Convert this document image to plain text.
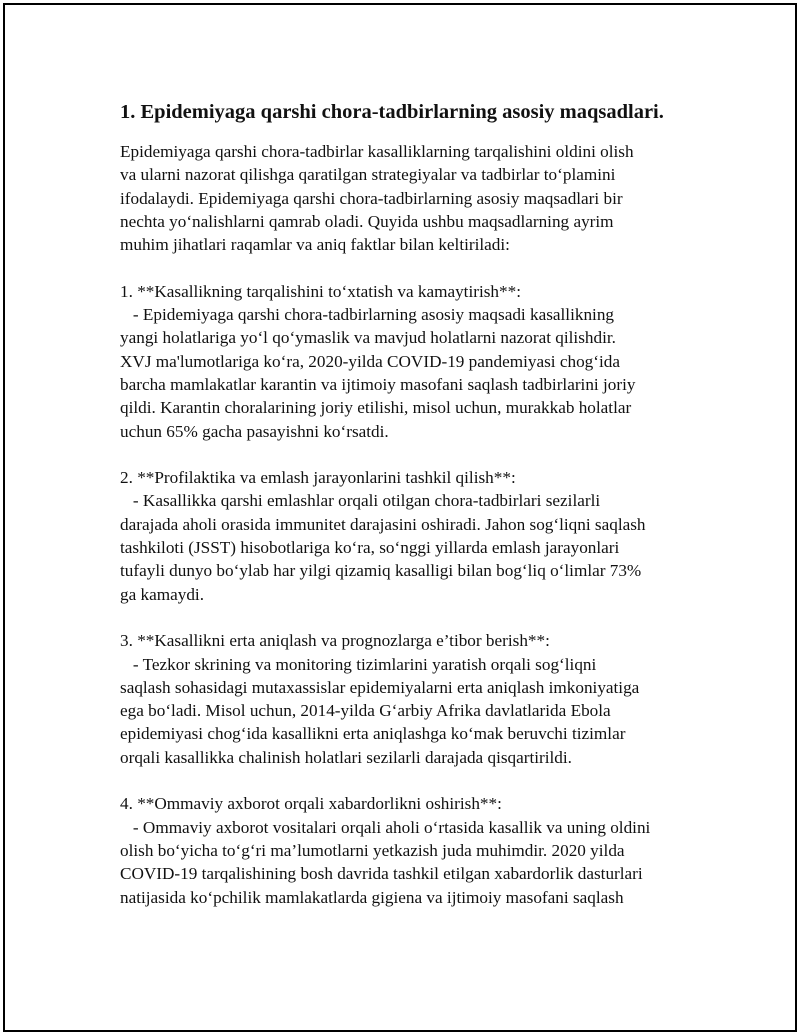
1. Epidemiyaga qarshi chora-tadbirlarning asosiy maqsadlari.

Epidemiyaga qarshi chora-tadbirlar kasalliklarning tarqalishini oldini olish
va ularni nazorat qilishga qaratilgan strategiyalar va tadbirlar to‘plamini
ifodalaydi. Epidemiyaga qarshi chora-tadbirlarning asosiy maqsadlari bir
nechta yo‘nalishlarni qamrab oladi. Quyida ushbu maqsadlarning ayrim
muhim jihatlari raqamlar va aniq faktlar bilan keltiriladi:

1. **Kasallikning tarqalishini to‘xtatish va kamaytirish**:

- Epidemiyaga qarshi chora-tadbirlarning asosiy maqsadi kasallikning
yangi holatlariga yo‘l qo‘ymaslik va mavjud holatlarni nazorat qilishdir.
XVJ ma'lumotlariga ko‘ra, 2020-yilda COVID-19 pandemiyasi chog‘ida
barcha mamlakatlar karantin va ijtimoiy masofani saqlash tadbirlarini joriy
qildi. Karantin choralarining joriy etilishi, misol uchun, murakkab holatlar
uchun 65% gacha pasayishni ko‘rsatdi.

2. **Profilaktika va emlash jarayonlarini tashkil qilish**:

- Kasallikka qarshi emlashlar orqali otilgan chora-tadbirlari sezilarli
darajada aholi orasida immunitet darajasini oshiradi. Jahon sog‘liqni saqlash
tashkiloti (JSST) hisobotlariga ko‘ra, so‘nggi yillarda emlash jarayonlari
tufayli dunyo bo‘ylab har yilgi qizamiq kasalligi bilan bog‘liq o‘limlar 73%
ga kamaydi.

3. **Kasallikni erta aniqlash va prognozlarga e’tibor berish**:

- Tezkor skrining va monitoring tizimlarini yaratish orqali sog‘liqni
saqlash sohasidagi mutaxassislar epidemiyalarni erta aniqlash imkoniyatiga
ega bo‘ladi. Misol uchun, 2014-yilda G‘arbiy Afrika davlatlarida Ebola
epidemiyasi chog‘ida kasallikni erta aniqlashga ko‘mak beruvchi tizimlar
orqali kasallikka chalinish holatlari sezilarli darajada qisqartirildi.

4. **Ommaviy axborot orqali xabardorlikni oshirish**:

- Ommaviy axborot vositalari orqali aholi o‘rtasida kasallik va uning oldini
olish bo‘yicha to‘g‘ri ma’lumotlarni yetkazish juda muhimdir. 2020 yilda
COVID-19 tarqalishining bosh davrida tashkil etilgan xabardorlik dasturlari
natijasida ko‘pchilik mamlakatlarda gigiena va ijtimoiy masofani saqlash
